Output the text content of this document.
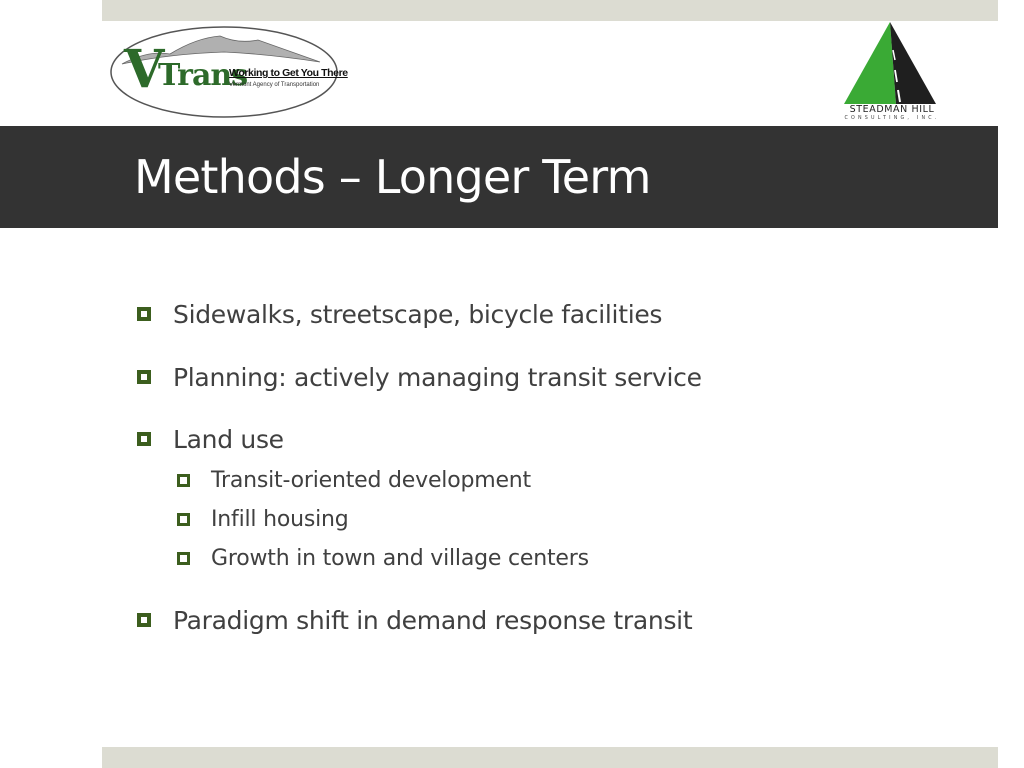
V
Trans
Working to Get You There
Vermont Agency of Transportation
STEADMAN HILL
CONSULTING, INC.
Methods – Longer Term
Sidewalks, streetscape, bicycle facilities
Planning: actively managing transit service
Land use
Transit-oriented development
Infill housing
Growth in town and village centers
Paradigm shift in demand response transit
